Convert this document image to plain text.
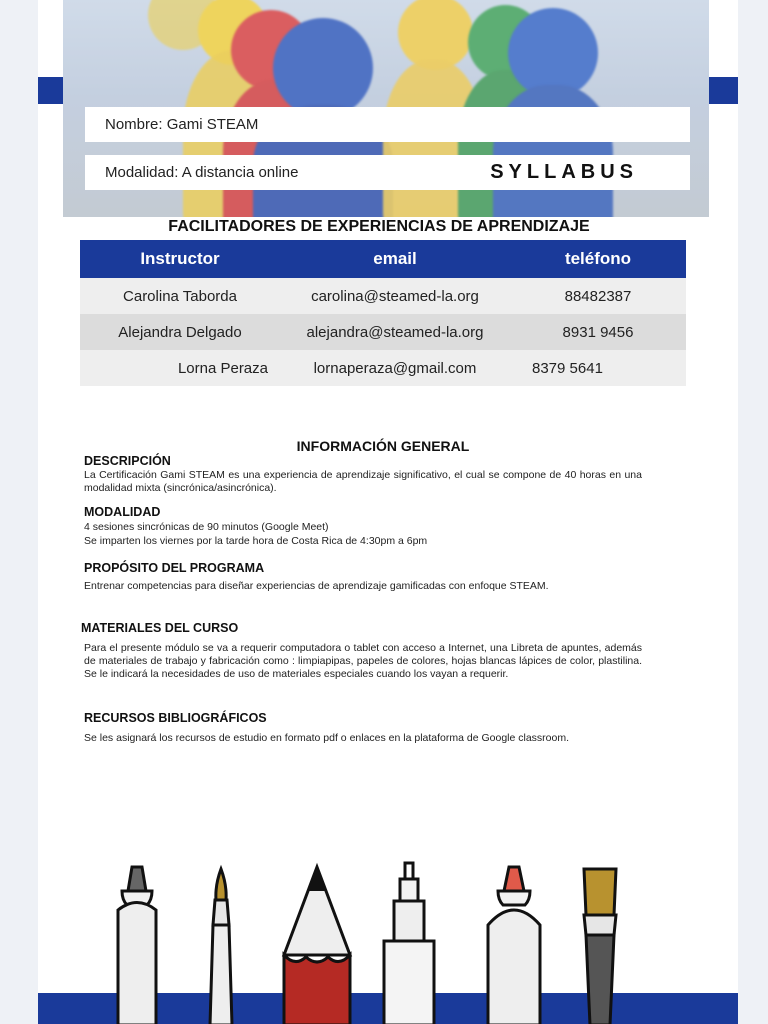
Nombre:
Gami STEAM
Modalidad: A distancia online	SYLLABUS
FACILITADORES DE EXPERIENCIAS DE APRENDIZAJE
Instructor	email	teléfono
Carolina Taborda	carolina@steamed-la.org	88482387
Alejandra Delgado	alejandra@steamed-la.org	8931 9456
Lorna Peraza	lornaperaza@gmail.com	8379 5641
INFORMACIÓN GENERAL
DESCRIPCIÓN
La Certificación Gami STEAM es una experiencia de aprendizaje significativo, el cual se compone de 40 horas en una modalidad mixta (sincrónica/asincrónica).
MODALIDAD
4 sesiones sincrónicas de 90 minutos (Google Meet)
Se imparten los viernes por la tarde hora de Costa Rica de 4:30pm a 6pm
PROPÓSITO DEL PROGRAMA
Entrenar competencias para diseñar experiencias de aprendizaje gamificadas con enfoque STEAM.
MATERIALES DEL CURSO
Para el presente módulo se va a requerir computadora o tablet con acceso a Internet, una Libreta de apuntes, además de materiales de trabajo y fabricación como : limpiapipas, papeles de colores, hojas blancas lápices de color, plastilina. Se le indicará la necesidades de uso de materiales especiales cuando los vayan a requerir.
RECURSOS BIBLIOGRÁFICOS
Se les asignará los recursos de estudio en formato pdf o enlaces en la plataforma de Google classroom.
